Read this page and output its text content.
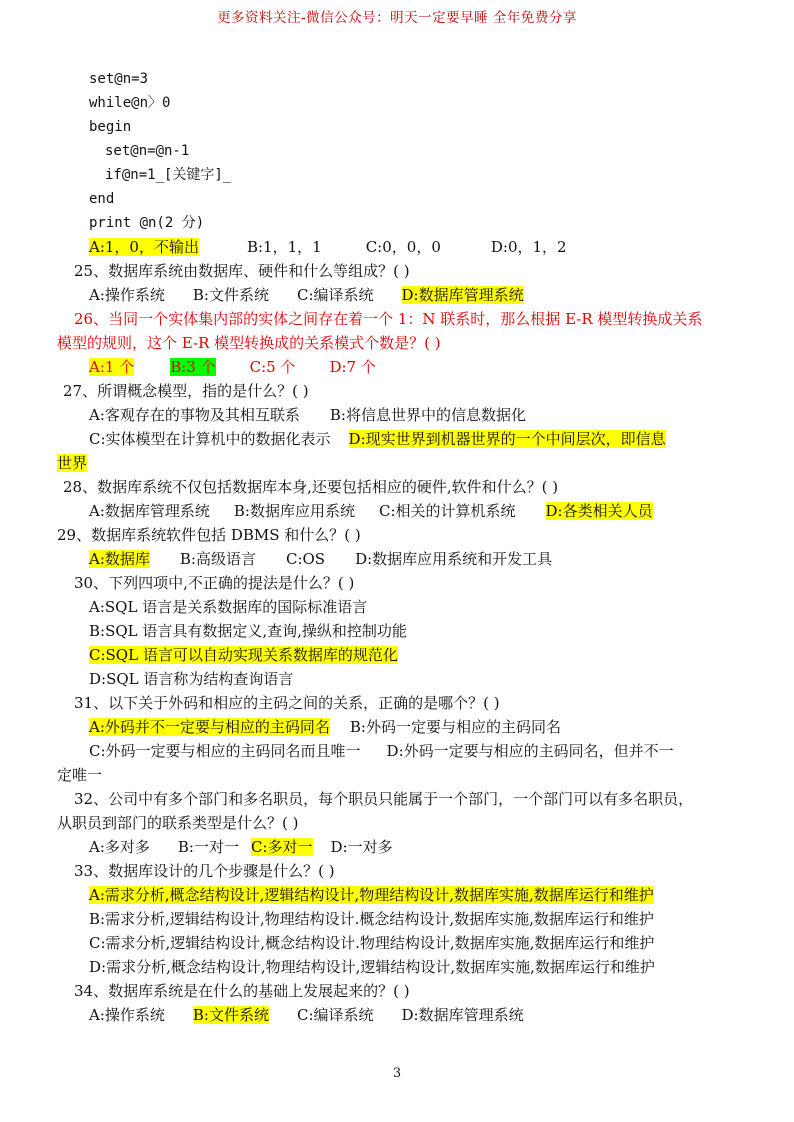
更多资料关注-微信公众号：明天一定要早睡 全年免费分享
set@n=3
while@n〉0
begin
set@n=@n-1
if@n=1_[关键字]_
end
print @n(2 分)
A:1，0，不输出	B:1，1，1	C:0，0，0	D:0，1，2
25、数据库系统由数据库、硬件和什么等组成？( )
A:操作系统 B:文件系统 C:编译系统 D:数据库管理系统
26、当同一个实体集内部的实体之间存在着一个 1：N 联系时，那么根据 E-R 模型转换成关系
模型的规则，这个 E-R 模型转换成的关系模式个数是？( )
A:1 个 B:3 个 C:5 个 D:7 个
27、所谓概念模型，指的是什么？( )
A:客观存在的事物及其相互联系 B:将信息世界中的信息数据化
C:实体模型在计算机中的数据化表示 D:现实世界到机器世界的一个中间层次，即信息
世界
28、数据库系统不仅包括数据库本身,还要包括相应的硬件,软件和什么？( )
A:数据库管理系统 B:数据库应用系统 C:相关的计算机系统 D:各类相关人员
29、数据库系统软件包括 DBMS 和什么？( )
A:数据库 B:高级语言 C:OS D:数据库应用系统和开发工具
30、下列四项中,不正确的提法是什么？( )
A:SQL 语言是关系数据库的国际标准语言
B:SQL 语言具有数据定义,查询,操纵和控制功能
C:SQL 语言可以自动实现关系数据库的规范化
D:SQL 语言称为结构查询语言
31、以下关于外码和相应的主码之间的关系，正确的是哪个？( )
A:外码并不一定要与相应的主码同名 B:外码一定要与相应的主码同名
C:外码一定要与相应的主码同名而且唯一 D:外码一定要与相应的主码同名，但并不一
定唯一
32、公司中有多个部门和多名职员，每个职员只能属于一个部门，一个部门可以有多名职员，
从职员到部门的联系类型是什么？( )
A:多对多 B:一对一 C:多对一 D:一对多
33、数据库设计的几个步骤是什么？( )
A:需求分析,概念结构设计,逻辑结构设计,物理结构设计,数据库实施,数据库运行和维护
B:需求分析,逻辑结构设计,物理结构设计.概念结构设计,数据库实施,数据库运行和维护
C:需求分析,逻辑结构设计,概念结构设计.物理结构设计,数据库实施,数据库运行和维护
D:需求分析,概念结构设计,物理结构设计,逻辑结构设计,数据库实施,数据库运行和维护
34、数据库系统是在什么的基础上发展起来的？( )
A:操作系统 B:文件系统 C:编译系统 D:数据库管理系统
3
